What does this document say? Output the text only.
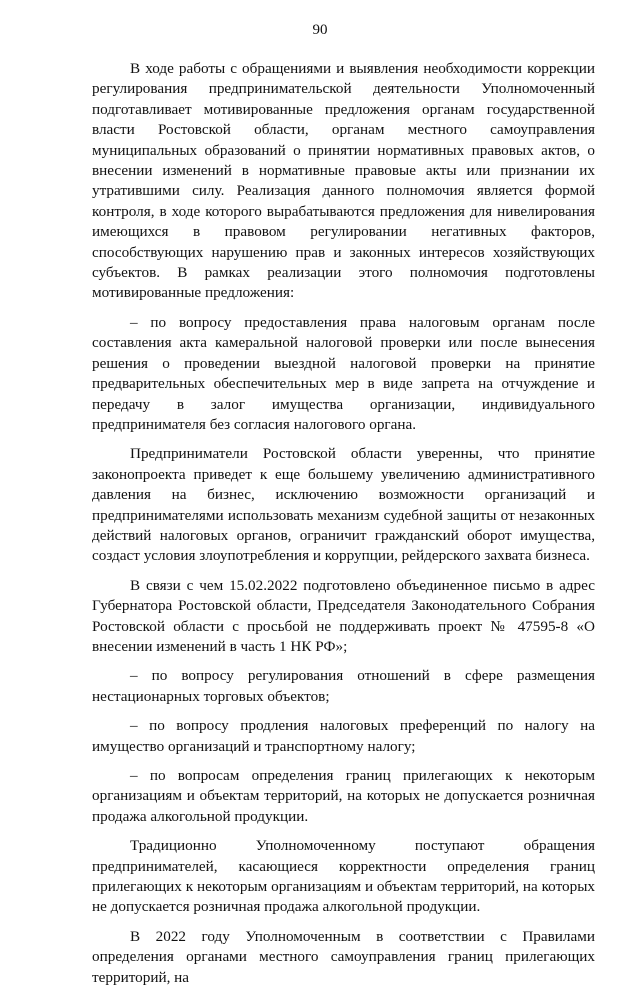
90

В ходе работы с обращениями и выявления необходимости коррекции регулирования предпринимательской деятельности Уполномоченный подготавливает мотивированные предложения органам государственной власти Ростовской области, органам местного самоуправления муниципальных образований о принятии нормативных правовых актов, о внесении изменений в нормативные правовые акты или признании их утратившими силу. Реализация данного полномочия является формой контроля, в ходе которого вырабатываются предложения для нивелирования имеющихся в правовом регулировании негативных факторов, способствующих нарушению прав и законных интересов хозяйствующих субъектов. В рамках реализации этого полномочия подготовлены мотивированные предложения:

– по вопросу предоставления права налоговым органам после составления акта камеральной налоговой проверки или после вынесения решения о проведении выездной налоговой проверки на принятие предварительных обеспечительных мер в виде запрета на отчуждение и передачу в залог имущества организации, индивидуального предпринимателя без согласия налогового органа.

Предприниматели Ростовской области уверенны, что принятие законопроекта приведет к еще большему увеличению административного давления на бизнес, исключению возможности организаций и предпринимателями использовать механизм судебной защиты от незаконных действий налоговых органов, ограничит гражданский оборот имущества, создаст условия злоупотребления и коррупции, рейдерского захвата бизнеса.

В связи с чем 15.02.2022 подготовлено объединенное письмо в адрес Губернатора Ростовской области, Председателя Законодательного Собрания Ростовской области с просьбой не поддерживать проект № 47595-8 «О внесении изменений в часть 1 НК РФ»;

– по вопросу регулирования отношений в сфере размещения нестационарных торговых объектов;

– по вопросу продления налоговых преференций по налогу на имущество организаций и транспортному налогу;

– по вопросам определения границ прилегающих к некоторым организациям и объектам территорий, на которых не допускается розничная продажа алкогольной продукции.

Традиционно Уполномоченному поступают обращения предпринимателей, касающиеся корректности определения границ прилегающих к некоторым организациям и объектам территорий, на которых не допускается розничная продажа алкогольной продукции.

В 2022 году Уполномоченным в соответствии с Правилами определения органами местного самоуправления границ прилегающих территорий, на
